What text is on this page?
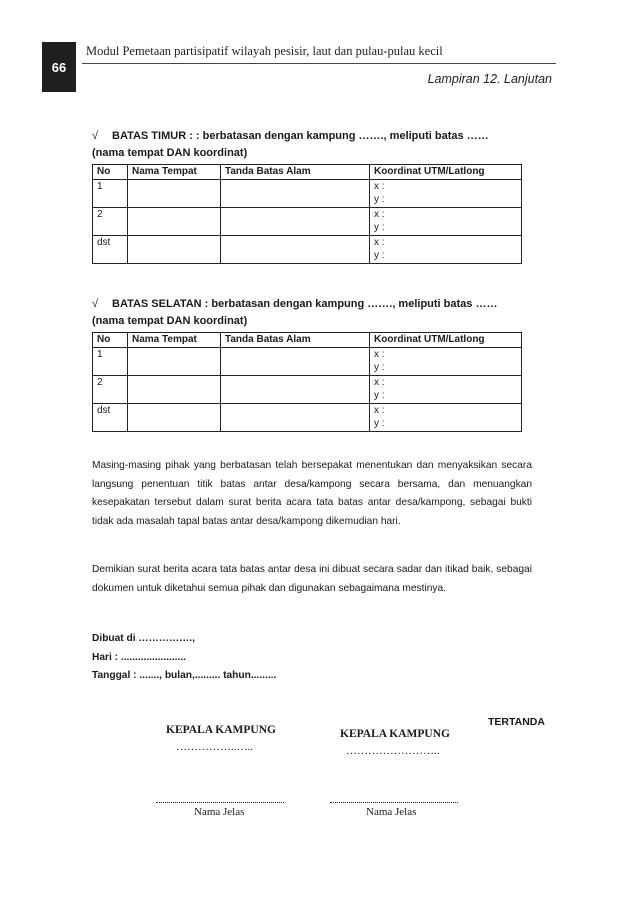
66
Modul Pemetaan partisipatif wilayah pesisir, laut dan pulau-pulau kecil
Lampiran 12. Lanjutan

√ BATAS TIMUR : : berbatasan dengan kampung ……., meliputi batas …… (nama tempat DAN koordinat)

No	Nama Tempat	Tanda Batas Alam	Koordinat UTM/Latlong
1			x :
y :

2			x :
y :

dst			x :
y :

√ BATAS SELATAN : berbatasan dengan kampung ……., meliputi batas …… (nama tempat DAN koordinat)

No	Nama Tempat	Tanda Batas Alam	Koordinat UTM/Latlong
1			x :
y :

2			x :
y :

dst			x :
y :

Masing-masing pihak yang berbatasan telah bersepakat menentukan dan menyaksikan secara langsung penentuan titik batas antar desa/kampong secara bersama, dan menuangkan kesepakatan tersebut dalam surat berita acara tata batas antar desa/kampong, sebagai bukti tidak ada masalah tapal batas antar desa/kampong dikemudian hari.

Demikian surat berita acara tata batas antar desa ini dibuat secara sadar dan itikad baik, sebagai dokumen untuk diketahui semua pihak dan digunakan sebagaimana mestinya.

Dibuat di …………….,
Hari : .......................
Tanggal : ......., bulan,......... tahun.........
KEPALA KAMPUNG
……………..…..
KEPALA KAMPUNG
……………………..
TERTANDA
Nama Jelas	Nama Jelas
